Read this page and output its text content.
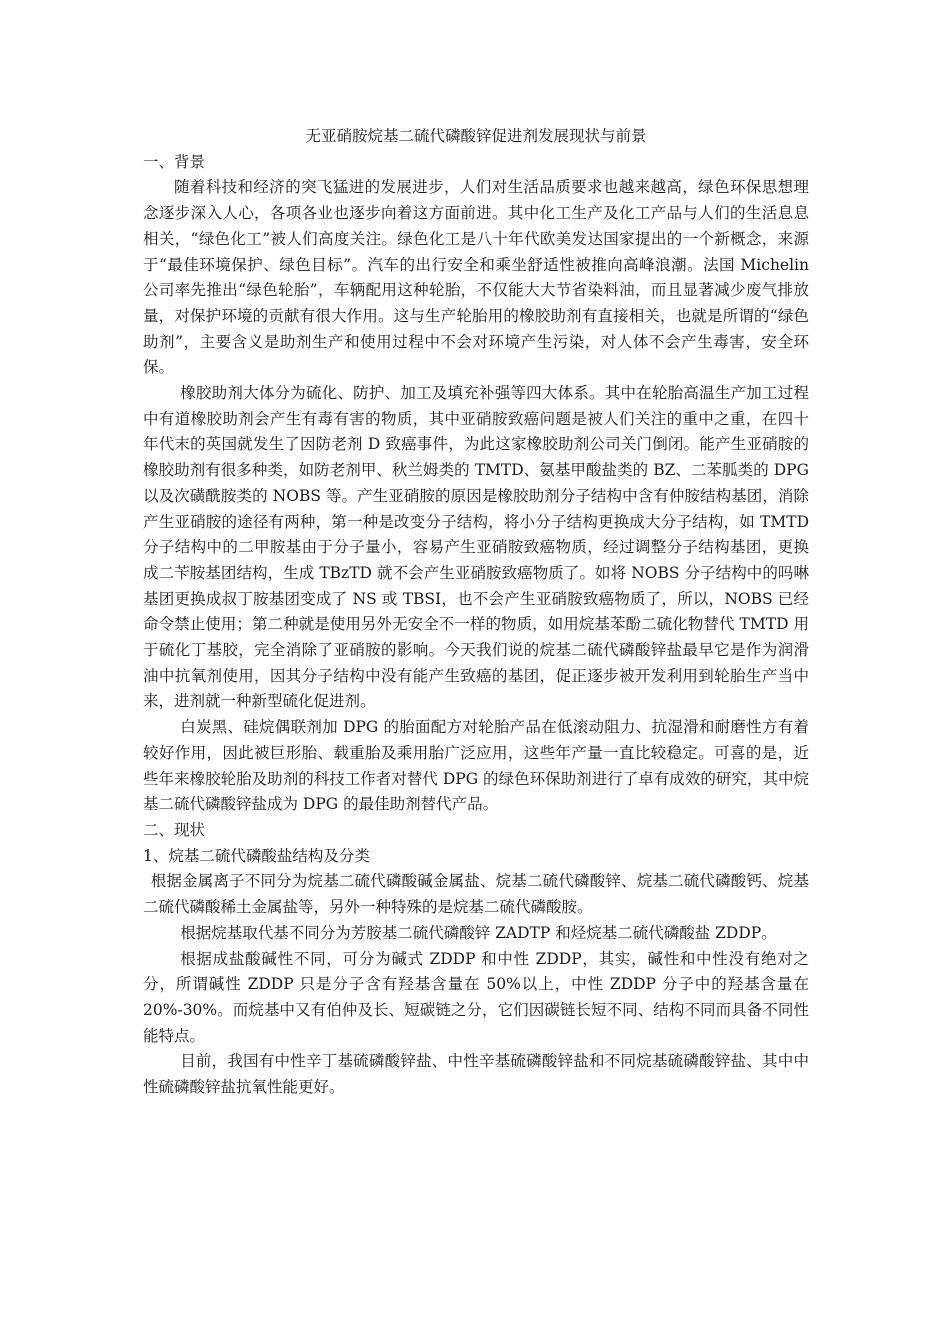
无亚硝胺烷基二硫代磷酸锌促进剂发展现状与前景
一、背景

随着科技和经济的突飞猛进的发展进步，人们对生活品质要求也越来越高，绿色环保思想理念逐步深入人心，各项各业也逐步向着这方面前进。其中化工生产及化工产品与人们的生活息息相关，“绿色化工”被人们高度关注。绿色化工是八十年代欧美发达国家提出的一个新概念，来源于“最佳环境保护、绿色目标”。汽车的出行安全和乘坐舒适性被推向高峰浪潮。法国 Michelin 公司率先推出“绿色轮胎”，车辆配用这种轮胎，不仅能大大节省染料油，而且显著减少废气排放量，对保护环境的贡献有很大作用。这与生产轮胎用的橡胶助剂有直接相关，也就是所谓的“绿色助剂”，主要含义是助剂生产和使用过程中不会对环境产生污染，对人体不会产生毒害，安全环保。

橡胶助剂大体分为硫化、防护、加工及填充补强等四大体系。其中在轮胎高温生产加工过程中有道橡胶助剂会产生有毒有害的物质，其中亚硝胺致癌问题是被人们关注的重中之重，在四十年代末的英国就发生了因防老剂 D 致癌事件，为此这家橡胶助剂公司关门倒闭。能产生亚硝胺的橡胶助剂有很多种类，如防老剂甲、秋兰姆类的 TMTD、氨基甲酸盐类的 BZ、二苯胍类的 DPG 以及次磺酰胺类的 NOBS 等。产生亚硝胺的原因是橡胶助剂分子结构中含有仲胺结构基团，消除产生亚硝胺的途径有两种，第一种是改变分子结构，将小分子结构更换成大分子结构，如 TMTD 分子结构中的二甲胺基由于分子量小，容易产生亚硝胺致癌物质，经过调整分子结构基团，更换成二苄胺基团结构，生成 TBzTD 就不会产生亚硝胺致癌物质了。如将 NOBS 分子结构中的吗啉基团更换成叔丁胺基团变成了 NS 或 TBSI，也不会产生亚硝胺致癌物质了，所以，NOBS 已经命令禁止使用；第二种就是使用另外无安全不一样的物质，如用烷基苯酚二硫化物替代 TMTD 用于硫化丁基胶，完全消除了亚硝胺的影响。今天我们说的烷基二硫代磷酸锌盐最早它是作为润滑油中抗氧剂使用，因其分子结构中没有能产生致癌的基团，促正逐步被开发利用到轮胎生产当中来，进剂就一种新型硫化促进剂。

白炭黑、硅烷偶联剂加 DPG 的胎面配方对轮胎产品在低滚动阻力、抗湿滑和耐磨性方有着较好作用，因此被巨形胎、载重胎及乘用胎广泛应用，这些年产量一直比较稳定。可喜的是，近些年来橡胶轮胎及助剂的科技工作者对替代 DPG 的绿色环保助剂进行了卓有成效的研究，其中烷基二硫代磷酸锌盐成为 DPG 的最佳助剂替代产品。

二、现状
1、烷基二硫代磷酸盐结构及分类

根据金属离子不同分为烷基二硫代磷酸碱金属盐、烷基二硫代磷酸锌、烷基二硫代磷酸钙、烷基二硫代磷酸稀土金属盐等，另外一种特殊的是烷基二硫代磷酸胺。

根据烷基取代基不同分为芳胺基二硫代磷酸锌 ZADTP 和烃烷基二硫代磷酸盐 ZDDP。

根据成盐酸碱性不同，可分为碱式 ZDDP 和中性 ZDDP，其实，碱性和中性没有绝对之分，所谓碱性 ZDDP 只是分子含有羟基含量在 50%以上，中性 ZDDP 分子中的羟基含量在 20%-30%。而烷基中又有伯仲及长、短碳链之分，它们因碳链长短不同、结构不同而具备不同性能特点。

目前，我国有中性辛丁基硫磷酸锌盐、中性辛基硫磷酸锌盐和不同烷基硫磷酸锌盐、其中中性硫磷酸锌盐抗氧性能更好。
